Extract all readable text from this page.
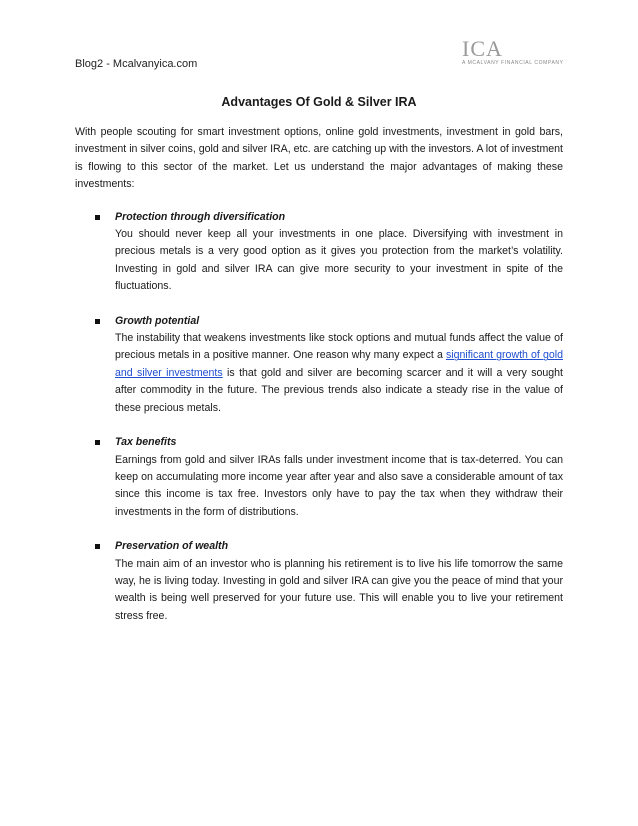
Blog2 - Mcalvanyica.com
ICA
A MCALVANY FINANCIAL COMPANY
Advantages Of Gold & Silver IRA

With people scouting for smart investment options, online gold investments, investment in gold bars, investment in silver coins, gold and silver IRA, etc. are catching up with the investors. A lot of investment is flowing to this sector of the market. Let us understand the major advantages of making these investments:

Protection through diversification
You should never keep all your investments in one place. Diversifying with investment in precious metals is a very good option as it gives you protection from the market’s volatility. Investing in gold and silver IRA can give more security to your investment in spite of the fluctuations.
Growth potential
The instability that weakens investments like stock options and mutual funds affect the value of precious metals in a positive manner. One reason why many expect a significant growth of gold and silver investments is that gold and silver are becoming scarcer and it will a very sought after commodity in the future. The previous trends also indicate a steady rise in the value of these precious metals.
Tax benefits
Earnings from gold and silver IRAs falls under investment income that is tax-deterred. You can keep on accumulating more income year after year and also save a considerable amount of tax since this income is tax free. Investors only have to pay the tax when they withdraw their investments in the form of distributions.
Preservation of wealth
The main aim of an investor who is planning his retirement is to live his life tomorrow the same way, he is living today. Investing in gold and silver IRA can give you the peace of mind that your wealth is being well preserved for your future use. This will enable you to live your retirement stress free.
